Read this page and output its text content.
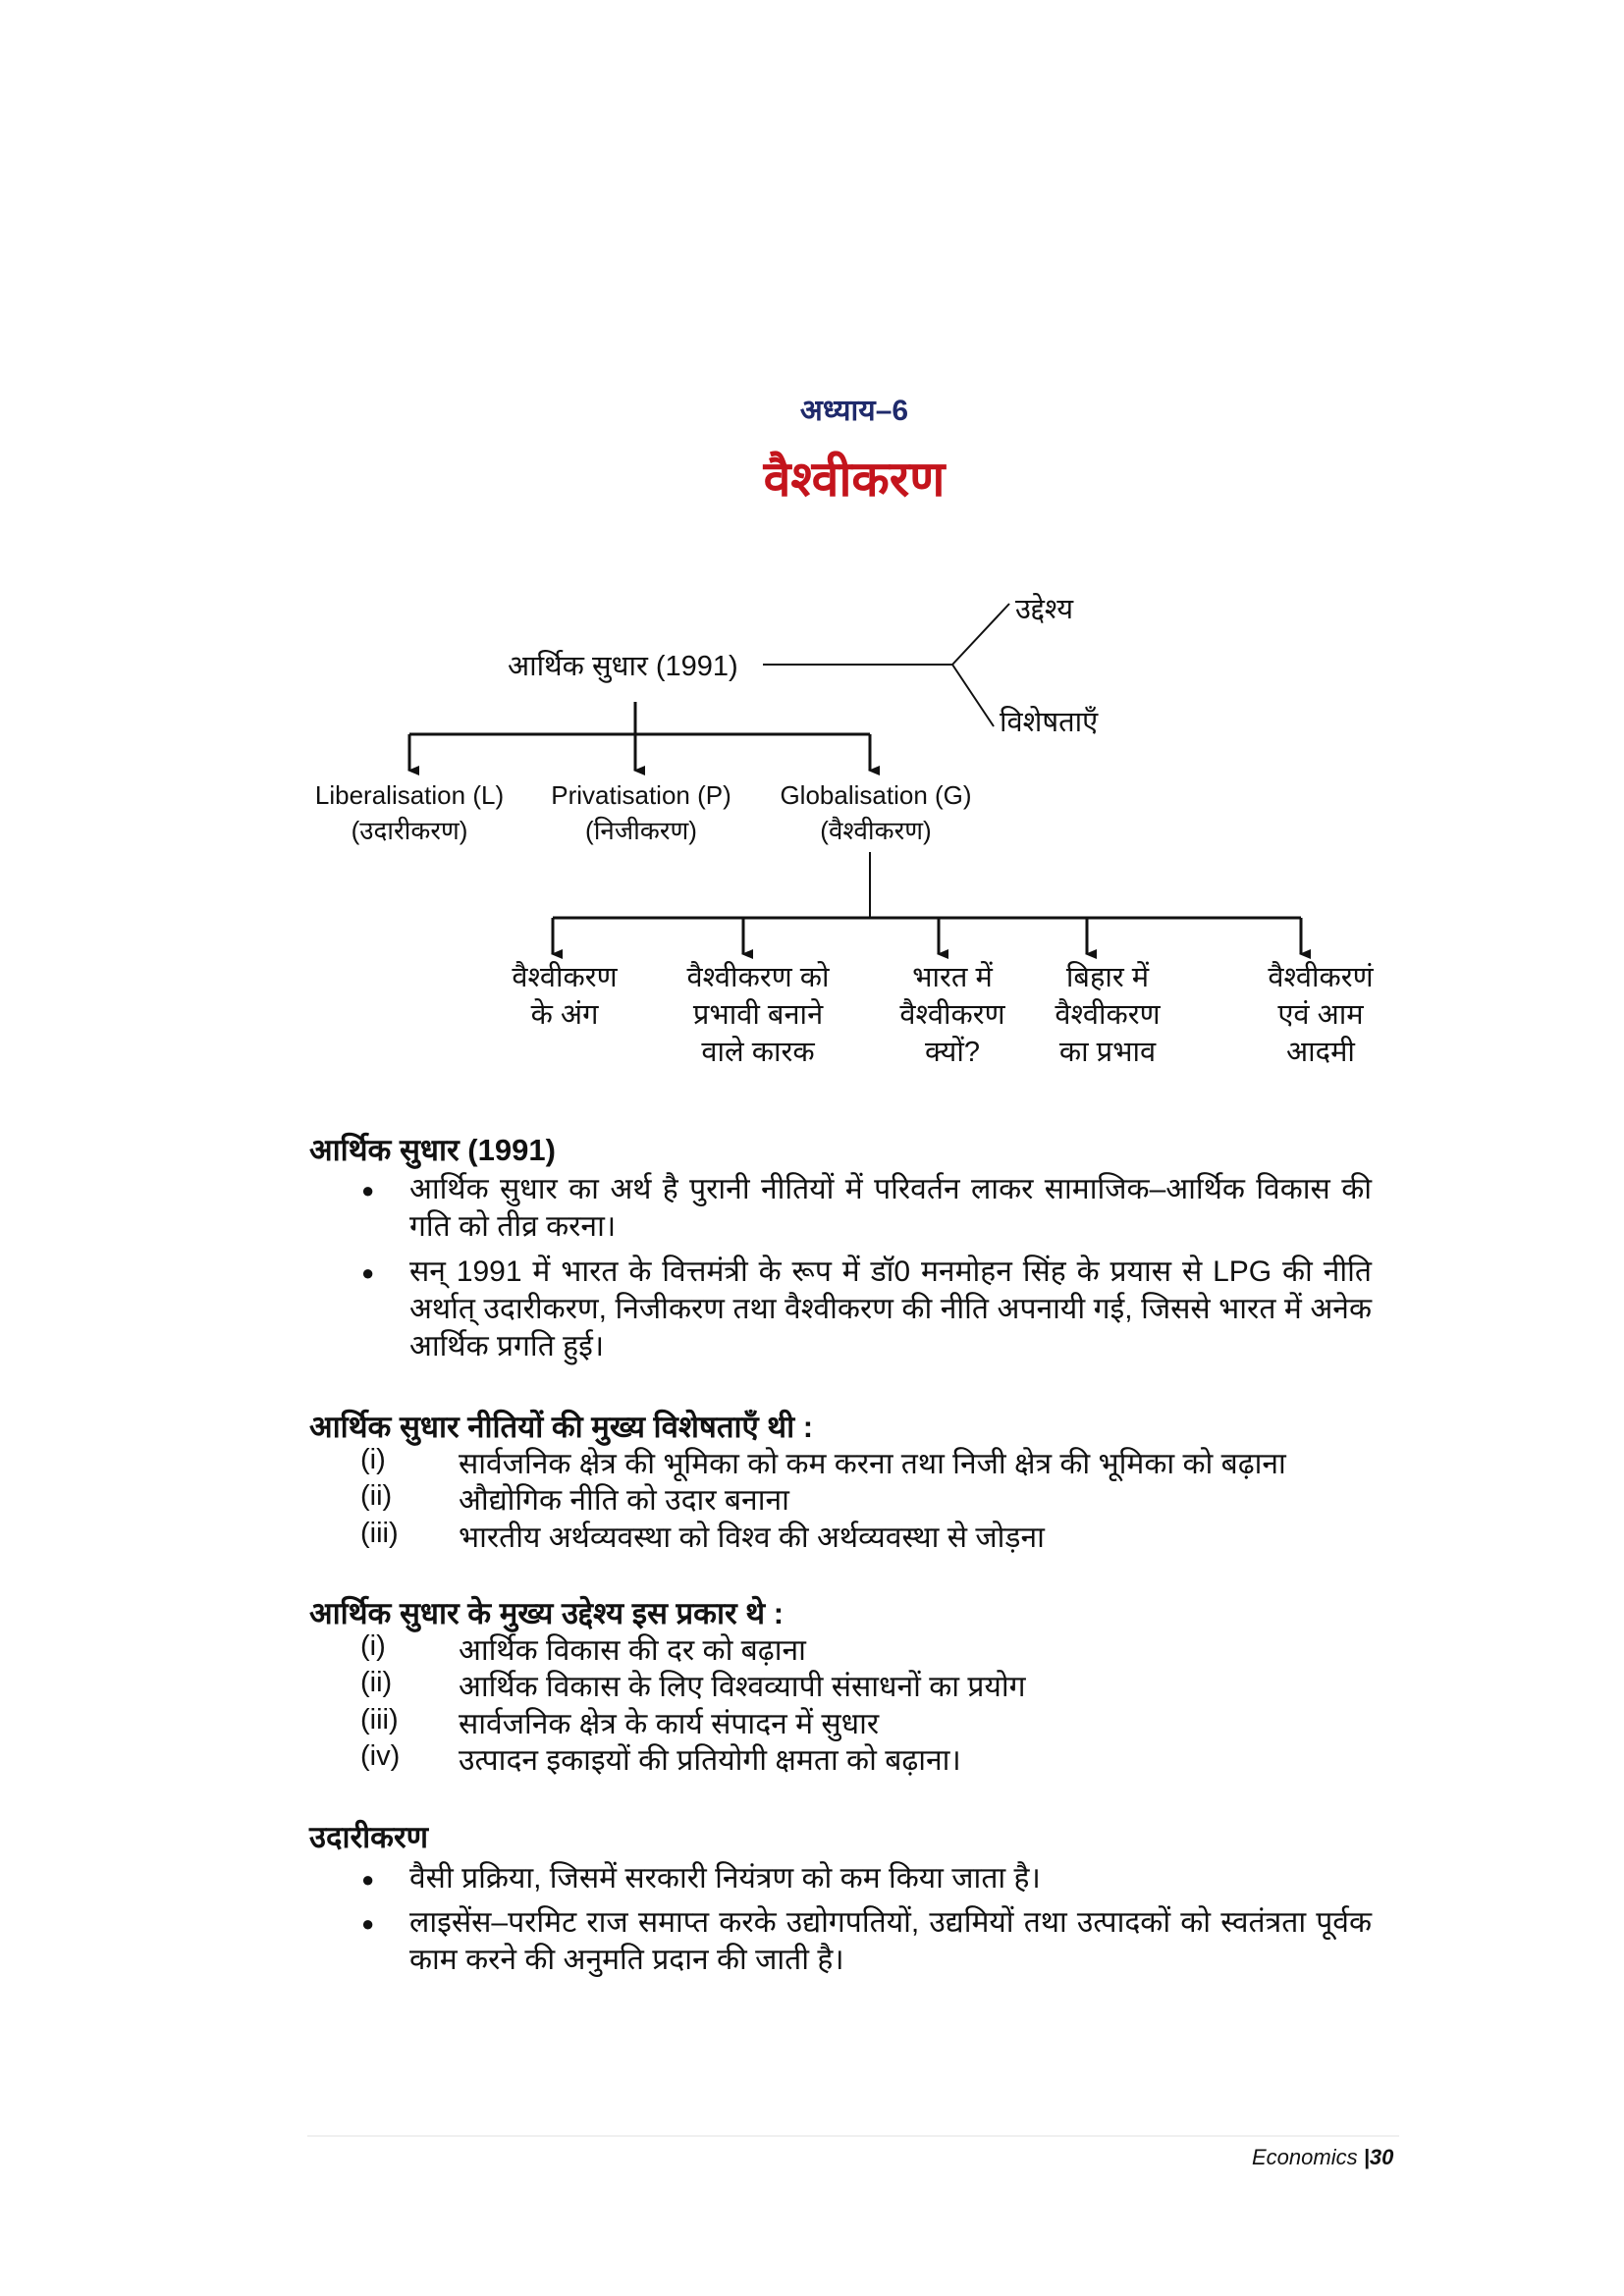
अध्याय–6
वैश्वीकरण
आर्थिक सुधार (1991)
उद्देश्य
विशेषताएँ
Liberalisation (L)
(उदारीकरण)
Privatisation (P)
(निजीकरण)
Globalisation (G)
(वैश्वीकरण)
वैश्वीकरण
के अंग
वैश्वीकरण को
प्रभावी बनाने
वाले कारक
भारत में
वैश्वीकरण
क्यों?
बिहार में
वैश्वीकरण
का प्रभाव
वैश्वीकरणं
एवं आम
आदमी
आर्थिक सुधार (1991)
● आर्थिक सुधार का अर्थ है पुरानी नीतियों में परिवर्तन लाकर सामाजिक–आर्थिक विकास की गति को तीव्र करना।
● सन् 1991 में भारत के वित्तमंत्री के रूप में डॉ0 मनमोहन सिंह के प्रयास से LPG की नीति अर्थात् उदारीकरण, निजीकरण तथा वैश्वीकरण की नीति अपनायी गई, जिससे भारत में अनेक आर्थिक प्रगति हुई।
आर्थिक सुधार नीतियों की मुख्य विशेषताएँ थी :
(i) सार्वजनिक क्षेत्र की भूमिका को कम करना तथा निजी क्षेत्र की भूमिका को बढ़ाना
(ii) औद्योगिक नीति को उदार बनाना
(iii) भारतीय अर्थव्यवस्था को विश्व की अर्थव्यवस्था से जोड़ना
आर्थिक सुधार के मुख्य उद्देश्य इस प्रकार थे :
(i) आर्थिक विकास की दर को बढ़ाना
(ii) आर्थिक विकास के लिए विश्वव्यापी संसाधनों का प्रयोग
(iii) सार्वजनिक क्षेत्र के कार्य संपादन में सुधार
(iv) उत्पादन इकाइयों की प्रतियोगी क्षमता को बढ़ाना।
उदारीकरण
● वैसी प्रक्रिया, जिसमें सरकारी नियंत्रण को कम किया जाता है।
● लाइसेंस–परमिट राज समाप्त करके उद्योगपतियों, उद्यमियों तथा उत्पादकों को स्वतंत्रता पूर्वक काम करने की अनुमति प्रदान की जाती है।
Economics |30
